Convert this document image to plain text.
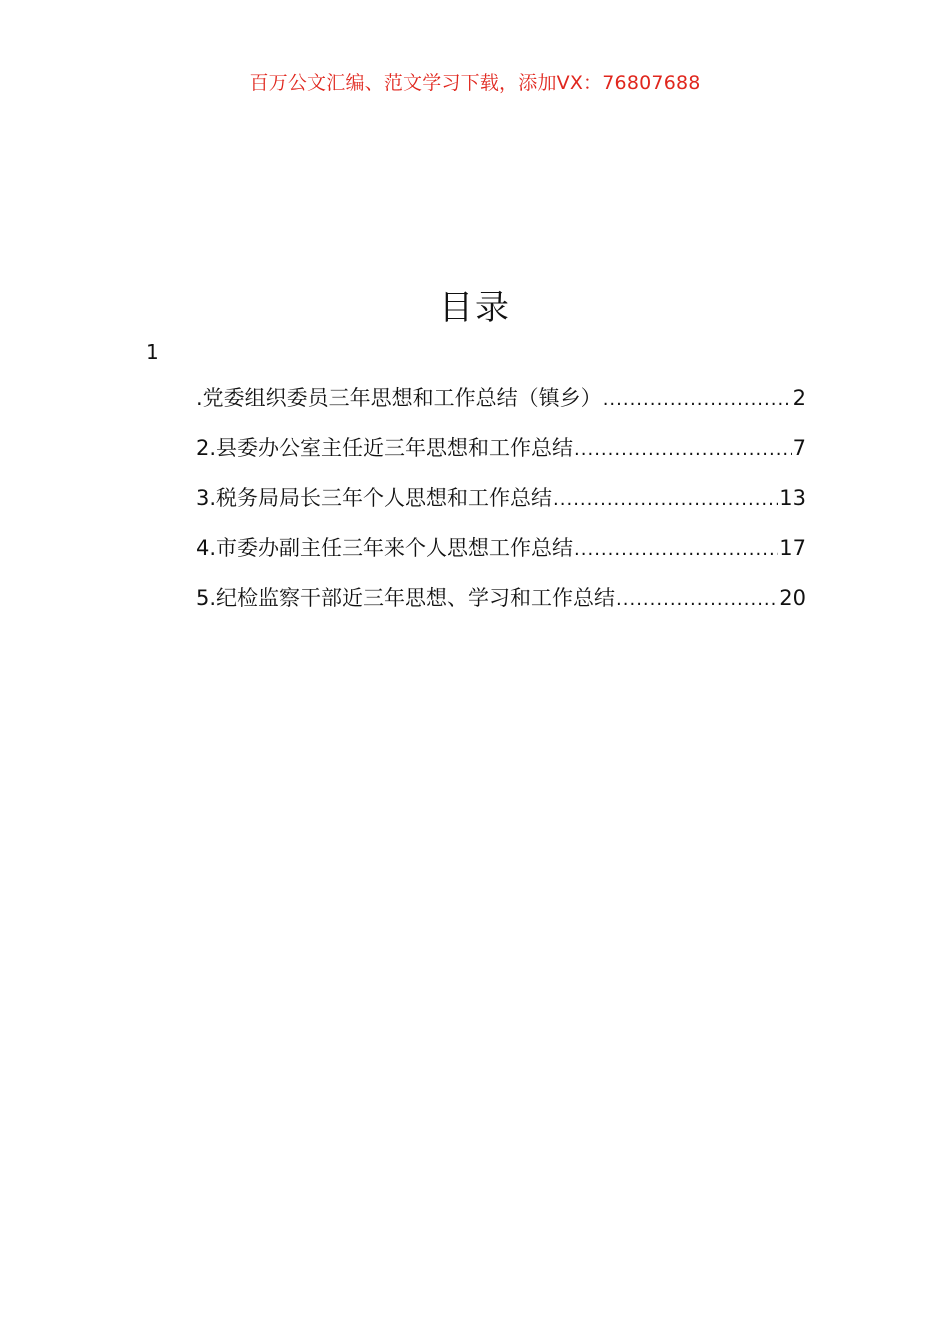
百万公文汇编、范文学习下载，添加VX：76807688
目录
1
.党委组织委员三年思想和工作总结（镇乡） .....	2
2.县委办公室主任近三年思想和工作总结 .....	7
3.税务局局长三年个人思想和工作总结 .....	13
4.市委办副主任三年来个人思想工作总结 .....	17
5.纪检监察干部近三年思想、学习和工作总结 .....	20
